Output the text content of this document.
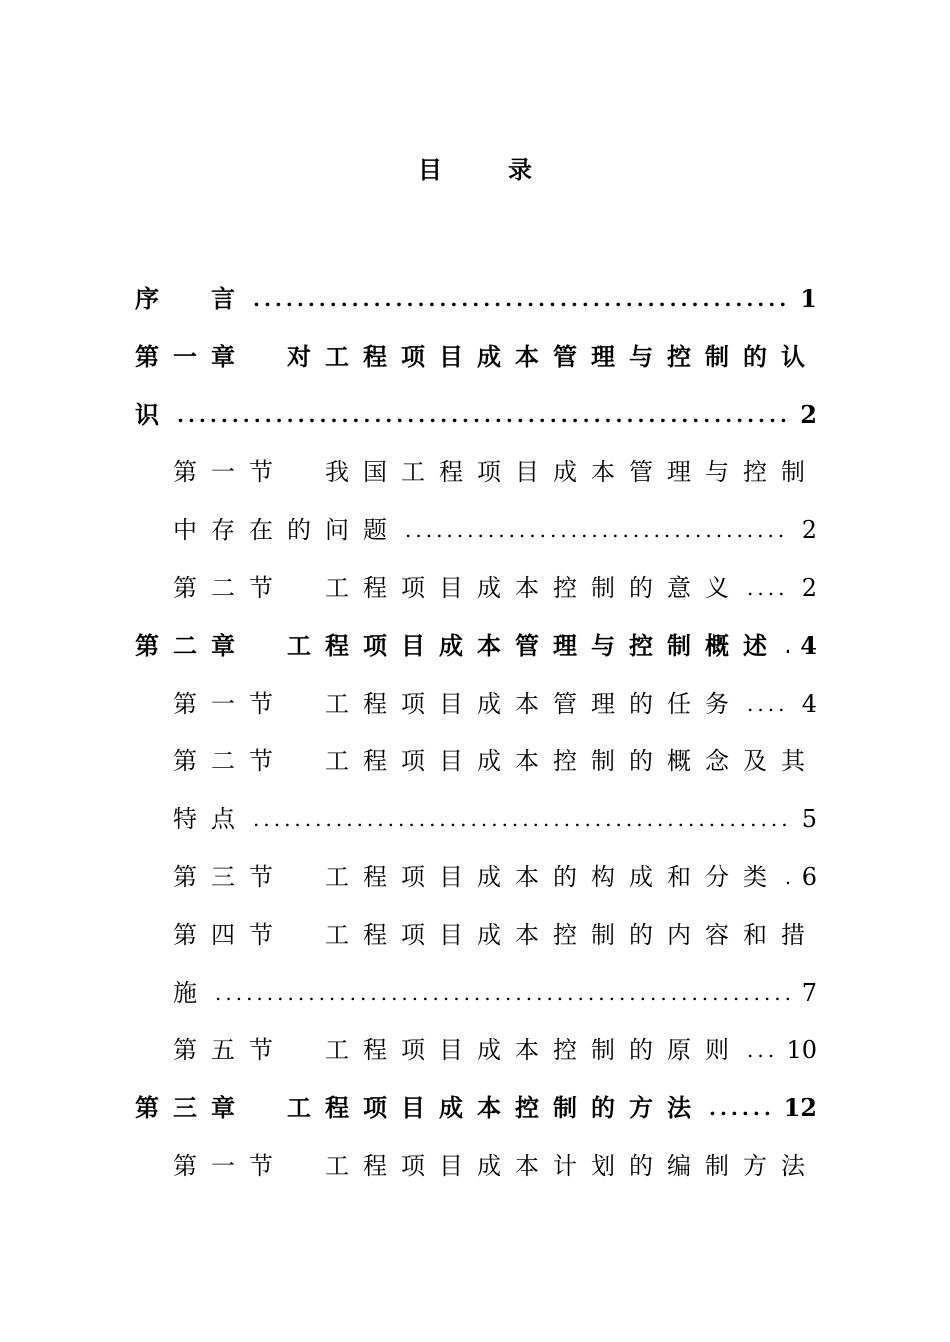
目	录
序　言 .....	1
第一章　对工程项目成本管理与控制的认
识 .....	2
第一节　我国工程项目成本管理与控制
中存在的问题 .....	2
第二节　工程项目成本控制的意义 ..... 2
第二章　工程项目成本管理与控制概述 ..... 4
第一节　工程项目成本管理的任务 ..... 4
第二节　工程项目成本控制的概念及其
特点 .....	5
第三节　工程项目成本的构成和分类 ..... 6
第四节　工程项目成本控制的内容和措
施 .....	7
第五节　工程项目成本控制的原则 ..... 10
第三章　工程项目成本控制的方法 .....	12
第一节　工程项目成本计划的编制方法
